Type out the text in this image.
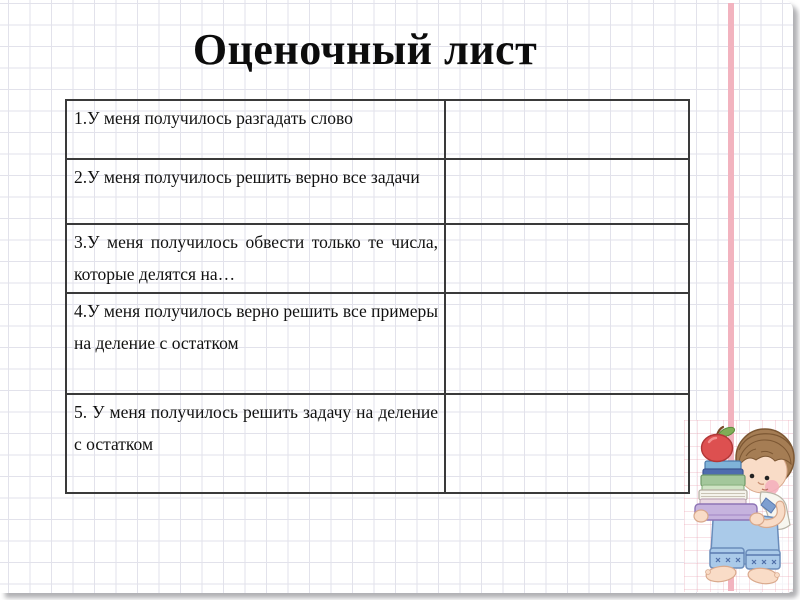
Оценочный лист
1.У меня получилось разгадать слово	
2.У меня получилось решить верно все задачи	
3.У меня получилось обвести только те числа, которые делятся на…	
4.У меня получилось верно решить все примеры на деление с остатком	
5. У меня получилось решить задачу на деление с остатком	
